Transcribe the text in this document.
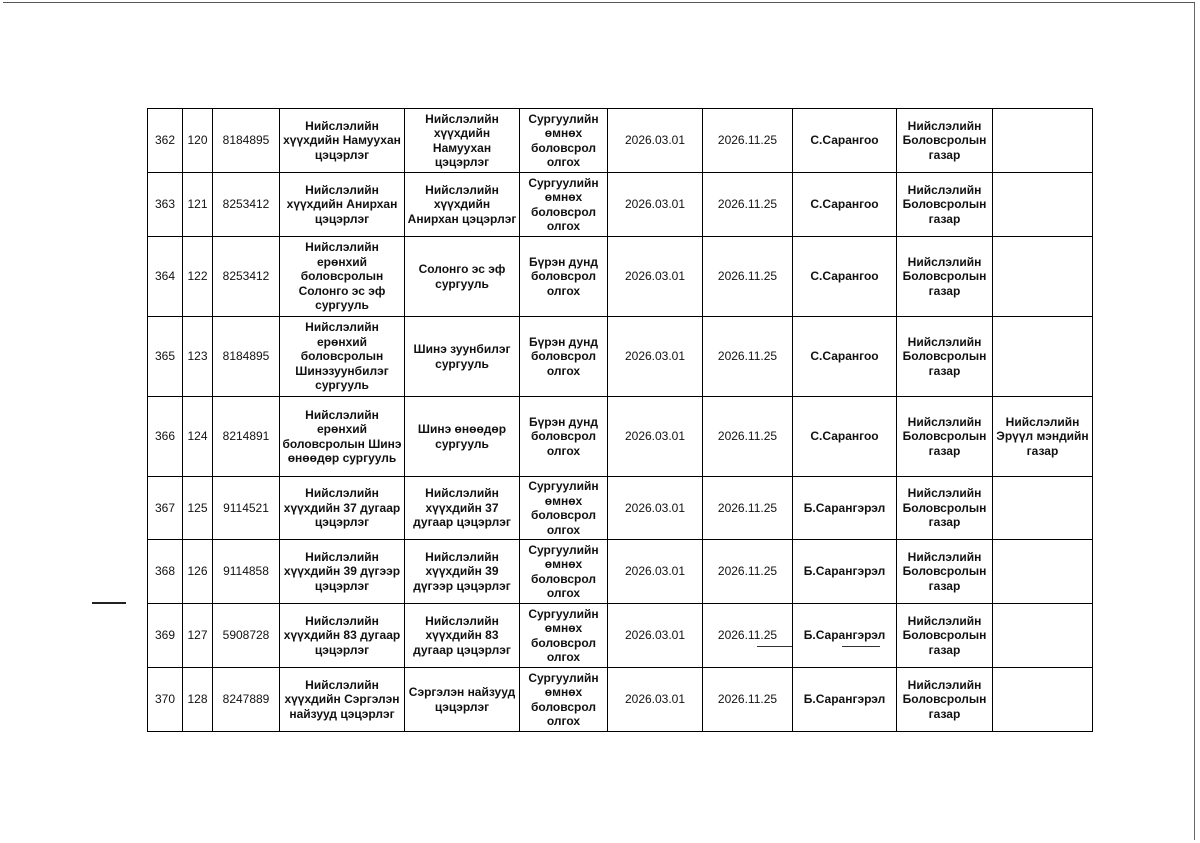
362	120	8184895	Нийслэлийн хүүхдийн Намуухан цэцэрлэг	Нийслэлийн хүүхдийн Намуухан цэцэрлэг	Сургуулийн өмнөх боловсрол олгох	2026.03.01	2026.11.25	С.Сарангоо	Нийслэлийн Боловсролын газар	
363	121	8253412	Нийслэлийн хүүхдийн Анирхан цэцэрлэг	Нийслэлийн хүүхдийн Анирхан цэцэрлэг	Сургуулийн өмнөх боловсрол олгох	2026.03.01	2026.11.25	С.Сарангоо	Нийслэлийн Боловсролын газар	
364	122	8253412	Нийслэлийн ерөнхий боловсролын Солонго эс эф сургууль	Солонго эс эф сургууль	Бүрэн дунд боловсрол олгох	2026.03.01	2026.11.25	С.Сарангоо	Нийслэлийн Боловсролын газар	
365	123	8184895	Нийслэлийн ерөнхий боловсролын Шинэзуунбилэг сургууль	Шинэ зуунбилэг сургууль	Бүрэн дунд боловсрол олгох	2026.03.01	2026.11.25	С.Сарангоо	Нийслэлийн Боловсролын газар	
366	124	8214891	Нийслэлийн ерөнхий боловсролын Шинэ өнөөдөр сургууль	Шинэ өнөөдөр сургууль	Бүрэн дунд боловсрол олгох	2026.03.01	2026.11.25	С.Сарангоо	Нийслэлийн Боловсролын газар	Нийслэлийн Эрүүл мэндийн газар
367	125	9114521	Нийслэлийн хүүхдийн 37 дугаар цэцэрлэг	Нийслэлийн хүүхдийн 37 дугаар цэцэрлэг	Сургуулийн өмнөх боловсрол олгох	2026.03.01	2026.11.25	Б.Сарангэрэл	Нийслэлийн Боловсролын газар	
368	126	9114858	Нийслэлийн хүүхдийн 39 дүгээр цэцэрлэг	Нийслэлийн хүүхдийн 39 дүгээр цэцэрлэг	Сургуулийн өмнөх боловсрол олгох	2026.03.01	2026.11.25	Б.Сарангэрэл	Нийслэлийн Боловсролын газар	
369	127	5908728	Нийслэлийн хүүхдийн 83 дугаар цэцэрлэг	Нийслэлийн хүүхдийн 83 дугаар цэцэрлэг	Сургуулийн өмнөх боловсрол олгох	2026.03.01	2026.11.25	Б.Сарангэрэл	Нийслэлийн Боловсролын газар	
370	128	8247889	Нийслэлийн хүүхдийн Сэргэлэн найзууд цэцэрлэг	Сэргэлэн найзууд цэцэрлэг	Сургуулийн өмнөх боловсрол олгох	2026.03.01	2026.11.25	Б.Сарангэрэл	Нийслэлийн Боловсролын газар	
